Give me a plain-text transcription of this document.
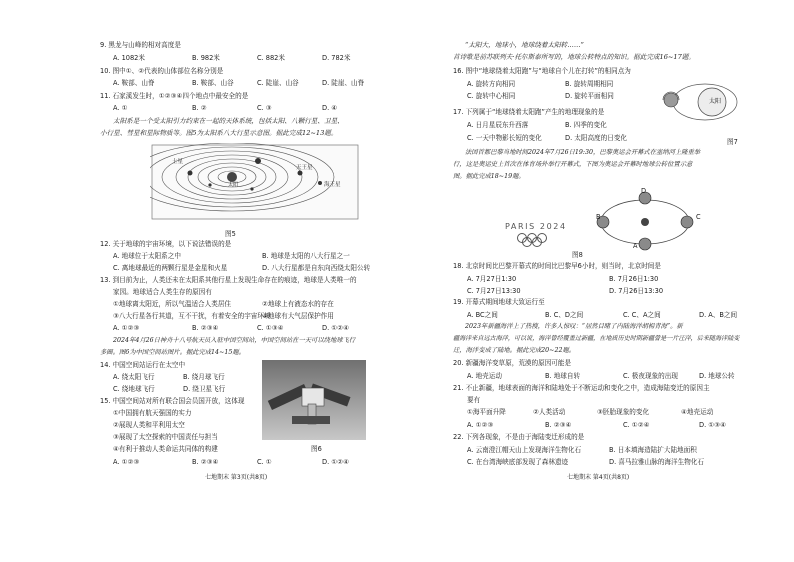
9. 黑龙与山峰的相对高度是
A. 1082米	B. 982米	C. 882米	D. 782米
10. 图中①、②代表的山体部位名称分别是
A. 鞍部、山脊	B. 鞍部、山谷	C. 陡崖、山谷	D. 陡崖、山脊
11. 石家溪发生时，①②③④四个地点中最安全的是
A. ①	B. ②	C. ③	D. ④
太阳系是一个受太阳引力约束在一起的天体系统，包括太阳、八颗行星、卫星、
小行星、彗星和星际物质等。图5为太阳系八大行星示意图。据此完成12~13题。
土星
天王星
海王星
太阳
图5
12. 关于地球的宇宙环境，以下说法错误的是
A. 地球位于太阳系之中	B. 地球是太阳的八大行星之一
C. 离地球最近的两颗行星是金星和火星	D. 八大行星都是自东向西绕太阳公转
13. 到目前为止，人类还未在太阳系其他行星上发现生命存在的痕迹，地球是人类唯一的
家园。地球适合人类生存的原因有
①地球离太阳近，所以气温适合人类居住	②地球上有液态水的存在
③八大行星各行其道，互不干扰，有着安全的宇宙环境
④地球有大气层保护作用
A. ①②③	B. ②③④	C. ①③④	D. ①②④
2024年4月26日神舟十八号航天员入驻中国空间站，中国空间站在一天可以绕地球飞行
多圈。图6为中国空间站图片。据此完成14~15题。
14. 中国空间站运行在太空中
A. 绕太阳飞行	B. 绕月球飞行
C. 绕地球飞行	D. 绕卫星飞行
15. 中国空间站对所有联合国会员国开放，这体现
①中国拥有航天强国的实力
②展现人类和平利用太空
③展现了太空探索的中国责任与担当
④有利于推动人类命运共同体的构建
A. ①②③	B. ②③④	C. ①	D. ①②④
图6
七地期末 第3页(共8页)
“太阳大，地球小，地球绕着太阳转……”
首诗歌是前苏联列夫·托尔斯泰所写的，地球公转特点的知识。据此完成16~17题。
16. 图中“地球绕着太阳跑”与“地球自个儿在打转”的相同点为
A. 旋转方向相同	B. 旋转周期相同
C. 旋转中心相同	D. 旋转平面相同
太阳
图7
17. 下列属于“地球绕着太阳跑”产生的地理现象的是
A. 日月星辰东升西落	B. 四季的变化
C. 一天中物影长短的变化	D. 太阳高度的日变化
法国首都巴黎当地时间2024年7月26日19:30，巴黎奥运会开幕式在塞纳河上隆重举
行，这是奥运史上首次在体育场外举行开幕式，下图为奥运会开幕时地球公转位置示意
图。据此完成18~19题。
PARIS 2024
D
C
A
B
图8
18. 北京时间比巴黎开幕式的时间比巴黎早6小时，则当时，北京时间是
A. 7月27日1:30	B. 7月26日1:30
C. 7月27日13:30	D. 7月26日13:30
19. 开幕式期间地球大致运行至
A. BC之间	B. C、D之间	C. C、A之间	D. A、B之间
2023年新疆海洋上了热搜，许多人惊叹：“居然目睹了内陆海洋胡楊青海”。新
疆海洋来自远古海洋，可以说，海洋曾经覆盖过新疆，在地质历史时期新疆曾是一片汪洋，后来随海洋陆变
迁，海洋变成了陆地。据此完成20~22题。
20. 新疆海洋变草原，荒漠的原因可能是
A. 地壳运动	B. 地球自转	C. 极夜现象的出现	D. 地球公转
21. 不止新疆，地球表面的海洋和陆地处于不断运动和变化之中，造成海陆变迁的原因主
要有
①海平面升降	②人类活动	③胚胎现象的变化	④地壳运动
A. ①②③	B. ②③④	C. ①②④	D. ①③④
22. 下列各现象，不是由于海陆变迁形成的是
A. 云南澄江帽天山上发现海洋生物化石	B. 日本填海造陆扩大陆地面积
C. 在台湾海峡底部发现了森林遗迹	D. 喜马拉雅山脉的海洋生物化石
七地期末 第4页(共8页)
